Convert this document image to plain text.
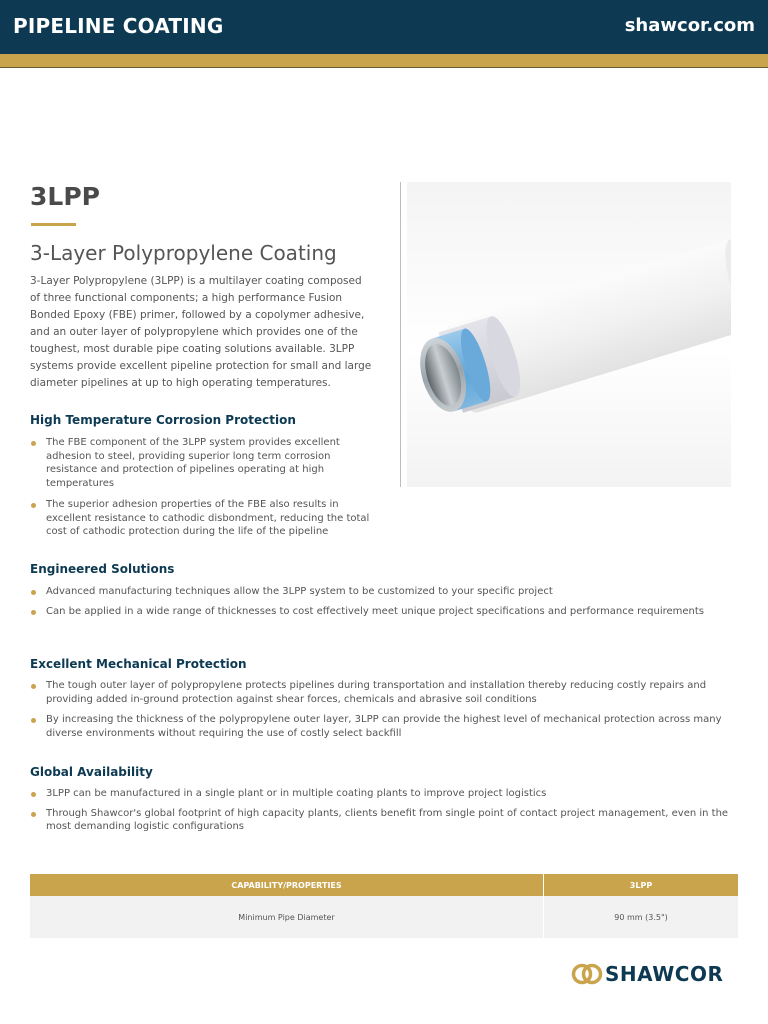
PIPELINE COATING	shawcor.com
3LPP
3-Layer Polypropylene Coating
3-Layer Polypropylene (3LPP) is a multilayer coating composed of three functional components; a high performance Fusion Bonded Epoxy (FBE) primer, followed by a copolymer adhesive, and an outer layer of polypropylene which provides one of the toughest, most durable pipe coating solutions available. 3LPP systems provide excellent pipeline protection for small and large diameter pipelines at up to high operating temperatures.
High Temperature Corrosion Protection
The FBE component of the 3LPP system provides excellent adhesion to steel, providing superior long term corrosion resistance and protection of pipelines operating at high temperatures
The superior adhesion properties of the FBE also results in excellent resistance to cathodic disbondment, reducing the total cost of cathodic protection during the life of the pipeline
Engineered Solutions
Advanced manufacturing techniques allow the 3LPP system to be customized to your specific project
Can be applied in a wide range of thicknesses to cost effectively meet unique project specifications and performance requirements
Excellent Mechanical Protection
The tough outer layer of polypropylene protects pipelines during transportation and installation thereby reducing costly repairs and providing added in-ground protection against shear forces, chemicals and abrasive soil conditions
By increasing the thickness of the polypropylene outer layer, 3LPP can provide the highest level of mechanical protection across many diverse environments without requiring the use of costly select backfill
Global Availability
3LPP can be manufactured in a single plant or in multiple coating plants to improve project logistics
Through Shawcor's global footprint of high capacity plants, clients benefit from single point of contact project management, even in the most demanding logistic configurations
CAPABILITY/PROPERTIES	3LPP
Minimum Pipe Diameter	90 mm (3.5")
SHAWCOR
